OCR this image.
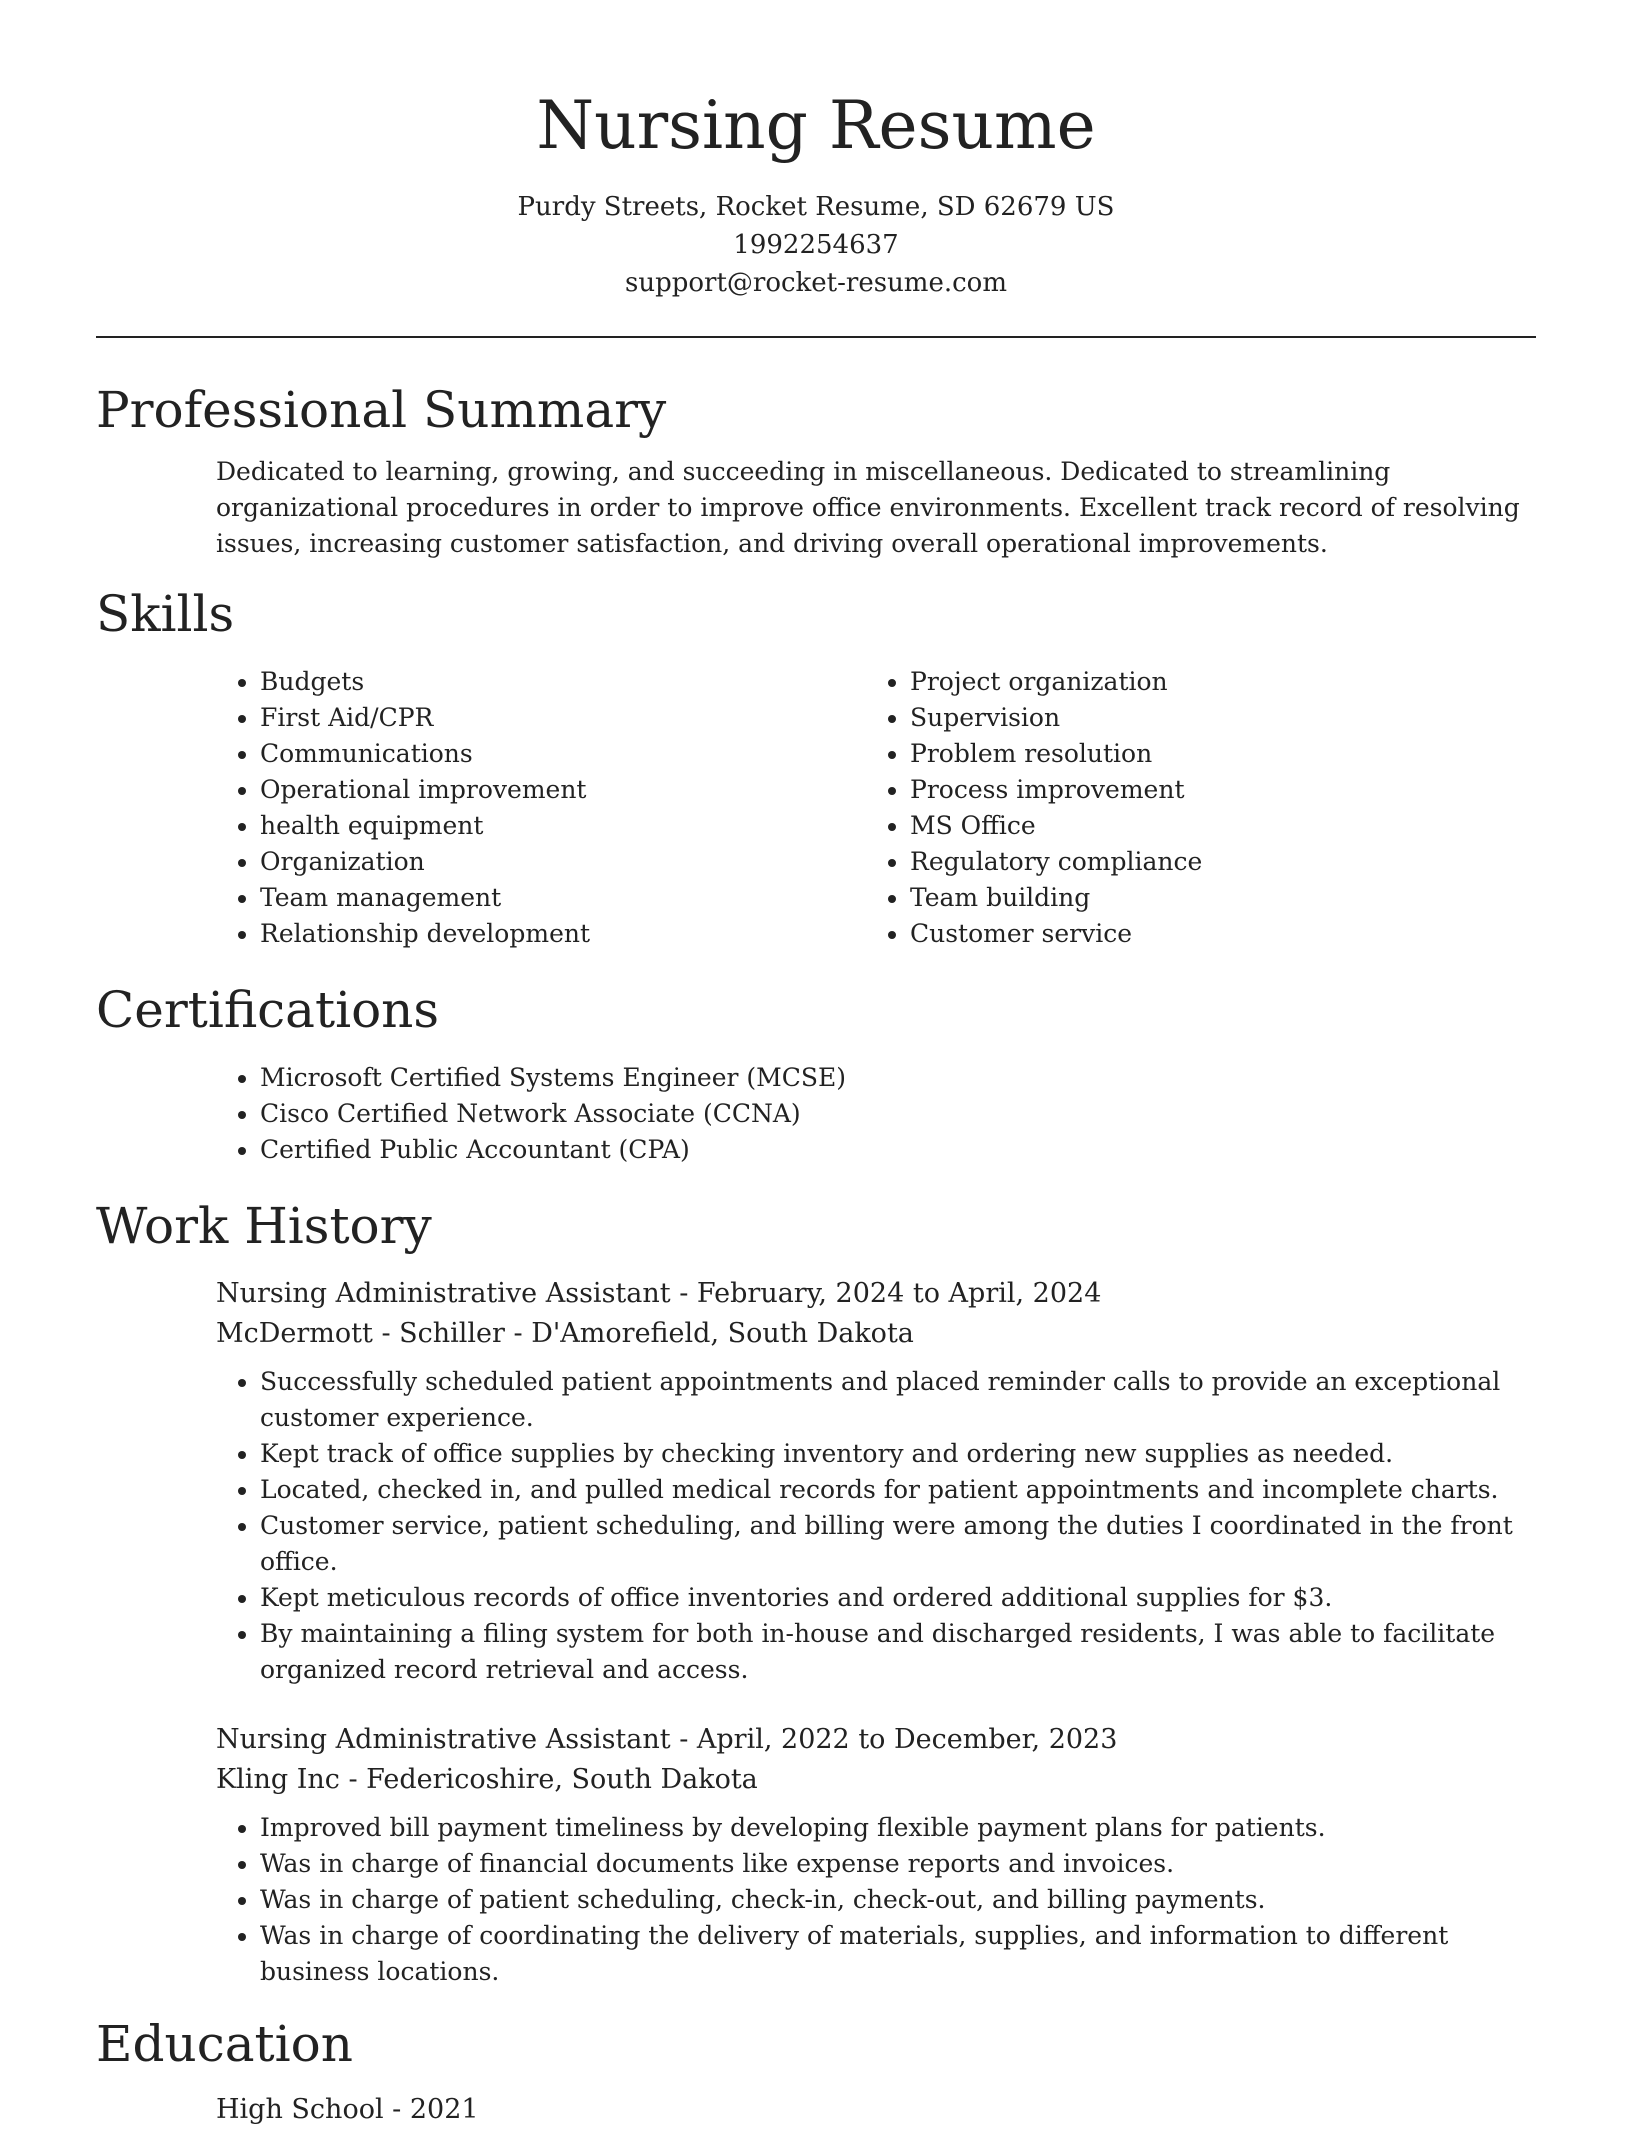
Nursing Resume
Purdy Streets, Rocket Resume, SD 62679 US
1992254637
support@rocket-resume.com
Professional Summary

Dedicated to learning, growing, and succeeding in miscellaneous. Dedicated to streamlining organizational procedures in order to improve office environments. Excellent track record of resolving issues, increasing customer satisfaction, and driving overall operational improvements.

Skills
• Budgets
• First Aid/CPR
• Communications
• Operational improvement
• health equipment
• Organization
• Team management
• Relationship development
• Project organization
• Supervision
• Problem resolution
• Process improvement
• MS Office
• Regulatory compliance
• Team building
• Customer service
Certifications
• Microsoft Certified Systems Engineer (MCSE)
• Cisco Certified Network Associate (CCNA)
• Certified Public Accountant (CPA)
Work History
Nursing Administrative Assistant - February, 2024 to April, 2024
McDermott - Schiller - D'Amorefield, South Dakota
• Successfully scheduled patient appointments and placed reminder calls to provide an exceptional customer experience.
• Kept track of office supplies by checking inventory and ordering new supplies as needed.
• Located, checked in, and pulled medical records for patient appointments and incomplete charts.
• Customer service, patient scheduling, and billing were among the duties I coordinated in the front office.
• Kept meticulous records of office inventories and ordered additional supplies for $3.
• By maintaining a filing system for both in-house and discharged residents, I was able to facilitate organized record retrieval and access.
Nursing Administrative Assistant - April, 2022 to December, 2023
Kling Inc - Federicoshire, South Dakota
• Improved bill payment timeliness by developing flexible payment plans for patients.
• Was in charge of financial documents like expense reports and invoices.
• Was in charge of patient scheduling, check-in, check-out, and billing payments.
• Was in charge of coordinating the delivery of materials, supplies, and information to different business locations.
Education
High School - 2021
